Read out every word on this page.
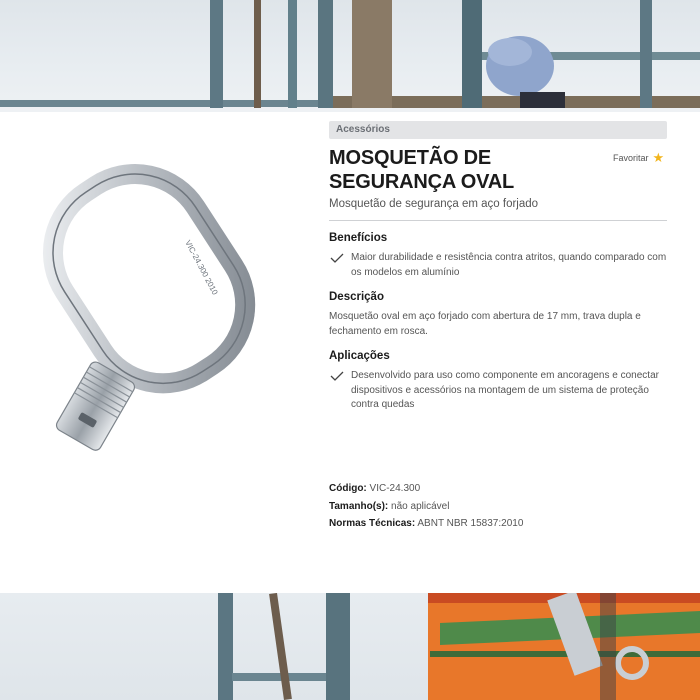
VIC-24.300 2010
Acessórios
MOSQUETÃO DE SEGURANÇA OVAL
Favoritar ★
Mosquetão de segurança em aço forjado
Benefícios
Maior durabilidade e resistência contra atritos, quando comparado com os modelos em alumínio
Descrição
Mosquetão oval em aço forjado com abertura de 17 mm, trava dupla e fechamento em rosca.
Aplicações
Desenvolvido para uso como componente em ancoragens e conectar dispositivos e acessórios na montagem de um sistema de proteção contra quedas
Código: VIC-24.300
Tamanho(s): não aplicável
Normas Técnicas: ABNT NBR 15837:2010
